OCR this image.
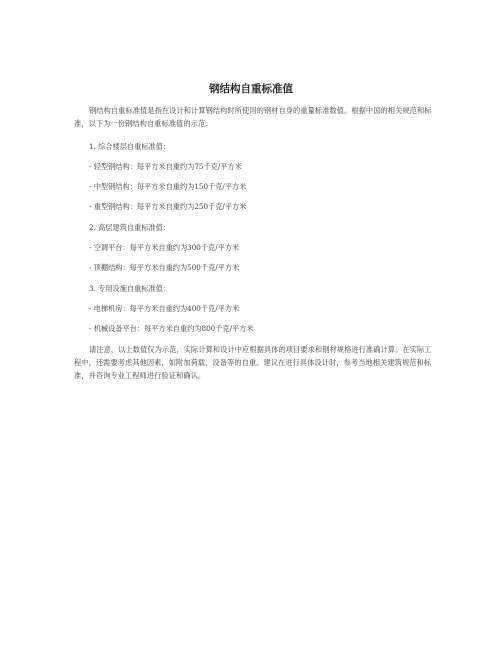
钢结构自重标准值
钢结构自重标准值是指在设计和计算钢结构时所使用的钢材自身的重量标准数值。根据中国的相关规范和标准，以下为一份钢结构自重标准值的示范：
1. 综合楼层自重标准值：
- 轻型钢结构：每平方米自重约为75千克/平方米
- 中型钢结构：每平方米自重约为150千克/平方米
- 重型钢结构：每平方米自重约为250千克/平方米
2. 高层建筑自重标准值：
- 空调平台：每平方米自重约为300千克/平方米
- 顶棚结构：每平方米自重约为500千克/平方米
3. 专用设施自重标准值：
- 电梯机房：每平方米自重约为400千克/平方米
- 机械设备平台：每平方米自重约为800千克/平方米
请注意，以上数值仅为示范，实际计算和设计中应根据具体的项目要求和钢材规格进行准确计算。在实际工程中，还需要考虑其他因素，如附加荷载、设备等的自重。建议在进行具体设计时，参考当地相关建筑规范和标准，并咨询专业工程师进行验证和确认。
